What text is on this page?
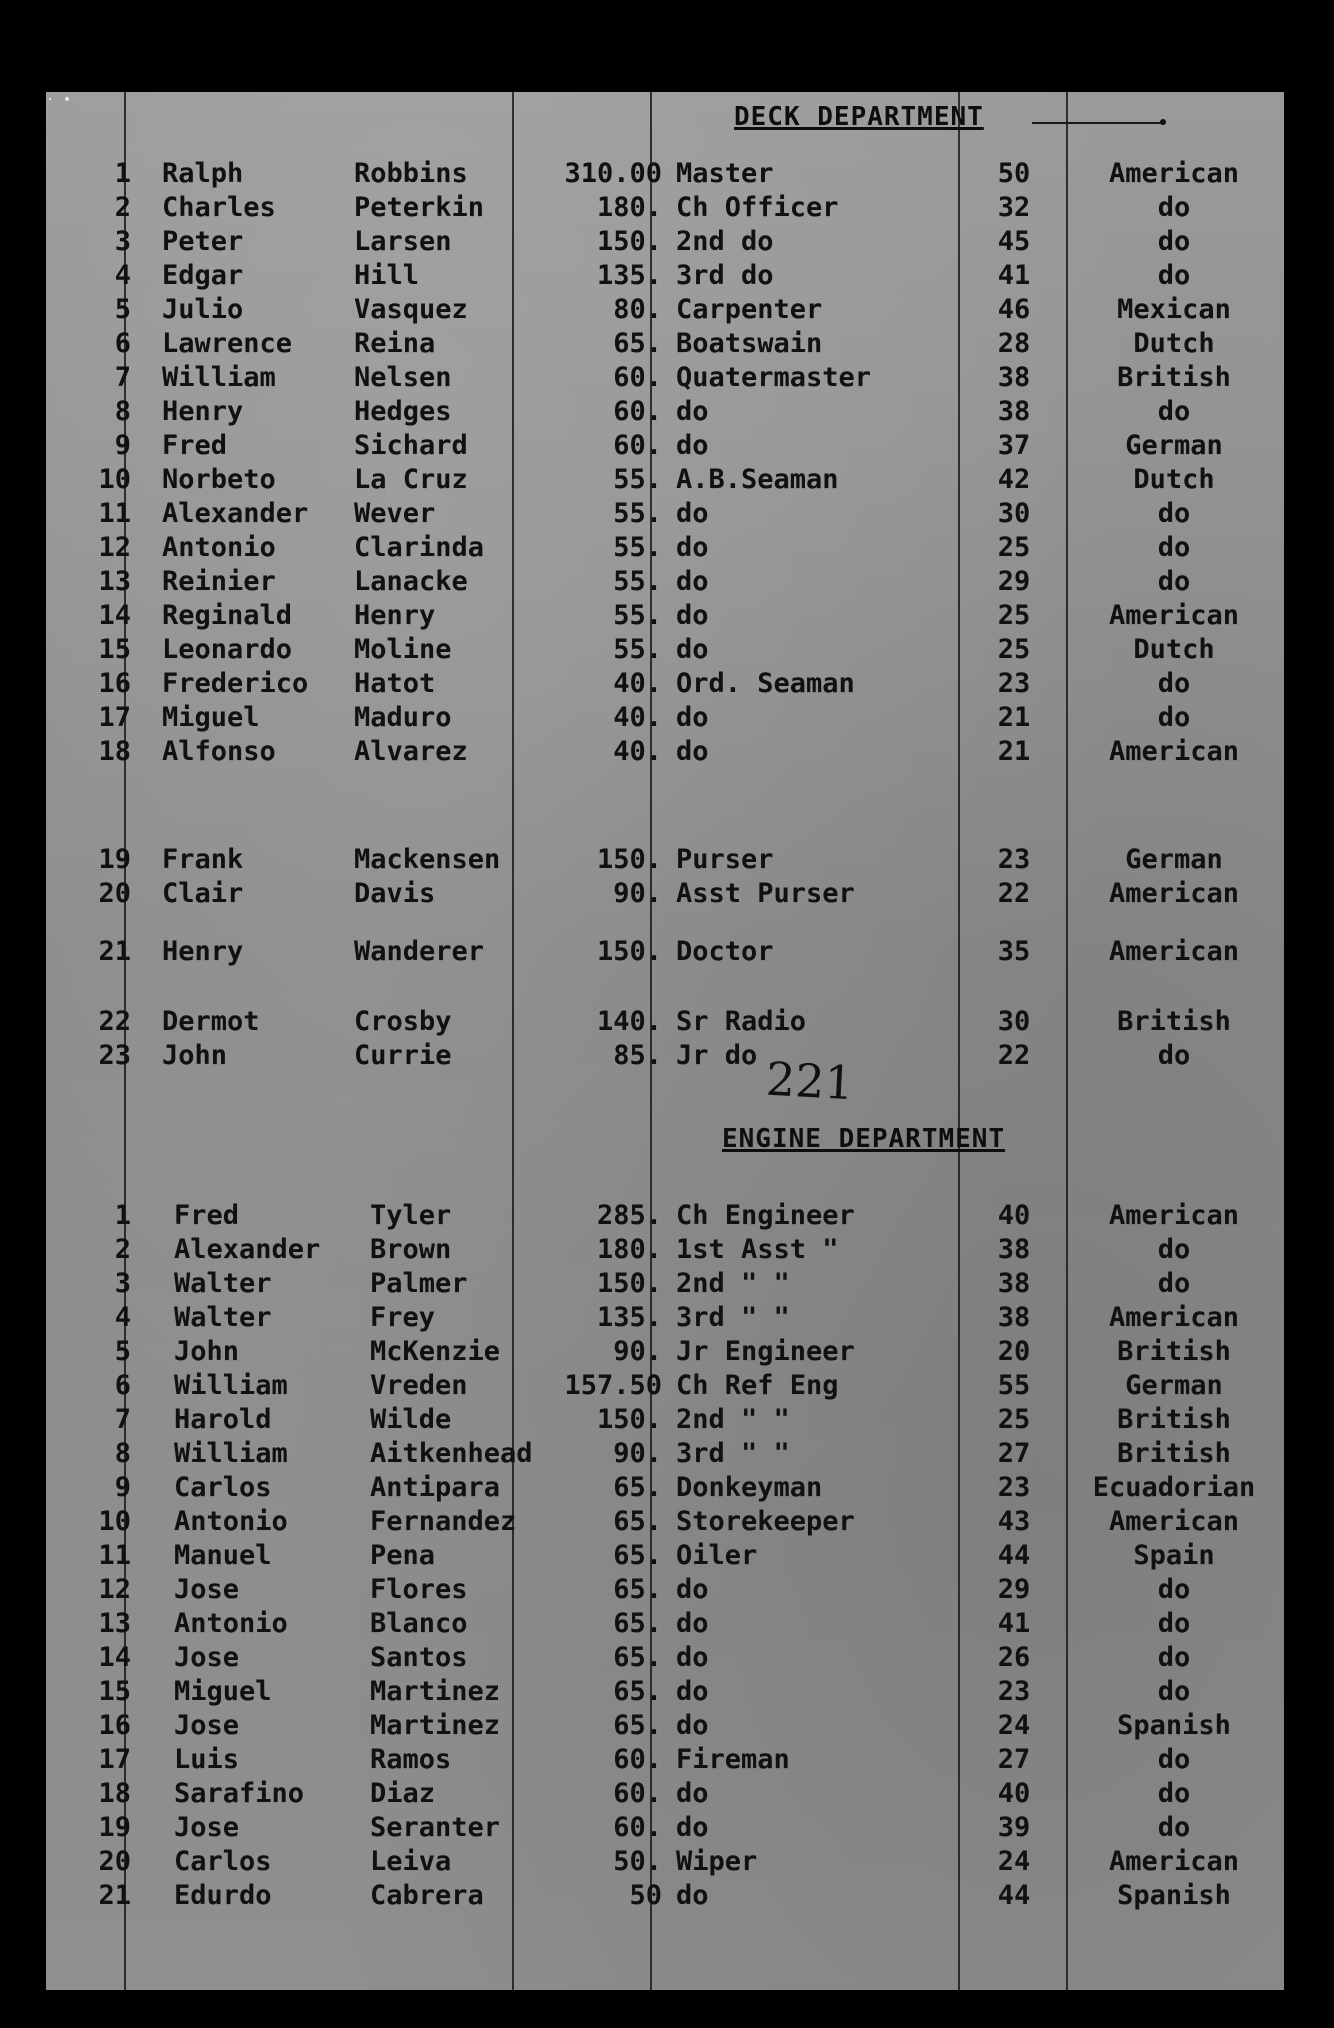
· •
DECK DEPARTMENT
1 Ralph	Robbins	310.00 Master	50	American
2 Charles	Peterkin	180. Ch Officer	32	do
3 Peter	Larsen	150. 2nd do	45	do
4 Edgar	Hill	135. 3rd do	41	do
5 Julio	Vasquez	80. Carpenter	46	Mexican
6 Lawrence Reina	65. Boatswain	28	Dutch
7 William	Nelsen	60. Quatermaster	38	British
8 Henry	Hedges	60. do	38	do
9 Fred	Sichard	60. do	37	German
10 Norbeto	La Cruz	55. A.B.Seaman	42	Dutch
11 Alexander Wever	55. do	30	do
12 Antonio	Clarinda	55. do	25	do
13 Reinier	Lanacke	55. do	29	do
14 Reginald Henry	55. do	25	American
15 Leonardo Moline	55. do	25	Dutch
16 Frederico Hatot	40. Ord. Seaman	23	do
17 Miguel	Maduro	40. do	21	do
18 Alfonso	Alvarez	40. do	21	American
19 Frank	Mackensen	150. Purser	23	German
20 Clair	Davis	90. Asst Purser	22	American
21 Henry	Wanderer	150. Doctor	35	American
22 Dermot	Crosby	140. Sr Radio	30	British
23 John	Currie	85. Jr do	22	do
221
ENGINE DEPARTMENT
1 Fred	Tyler	285. Ch Engineer	40	American
2 Alexander Brown	180. 1st Asst "	38	do
3 Walter	Palmer	150. 2nd " "	38	do
4 Walter	Frey	135. 3rd " "	38	American
5 John	McKenzie	90. Jr Engineer	20	British
6 William	Vreden	157.50 Ch Ref Eng	55	German
7 Harold	Wilde	150. 2nd " "	25	British
8 William	Aitkenhead	90. 3rd " "	27	British
9 Carlos	Antipara	65. Donkeyman	23	Ecuadorian
10 Antonio	Fernandez	65. Storekeeper	43	American
11 Manuel	Pena	65. Oiler	44	Spain
12 Jose	Flores	65. do	29	do
13 Antonio	Blanco	65. do	41	do
14 Jose	Santos	65. do	26	do
15 Miguel	Martinez	65. do	23	do
16 Jose	Martinez	65. do	24	Spanish
17 Luis	Ramos	60. Fireman	27	do
18 Sarafino Diaz	60. do	40	do
19 Jose	Seranter	60. do	39	do
20 Carlos	Leiva	50. Wiper	24	American
21 Edurdo	Cabrera	50 do	44	Spanish
